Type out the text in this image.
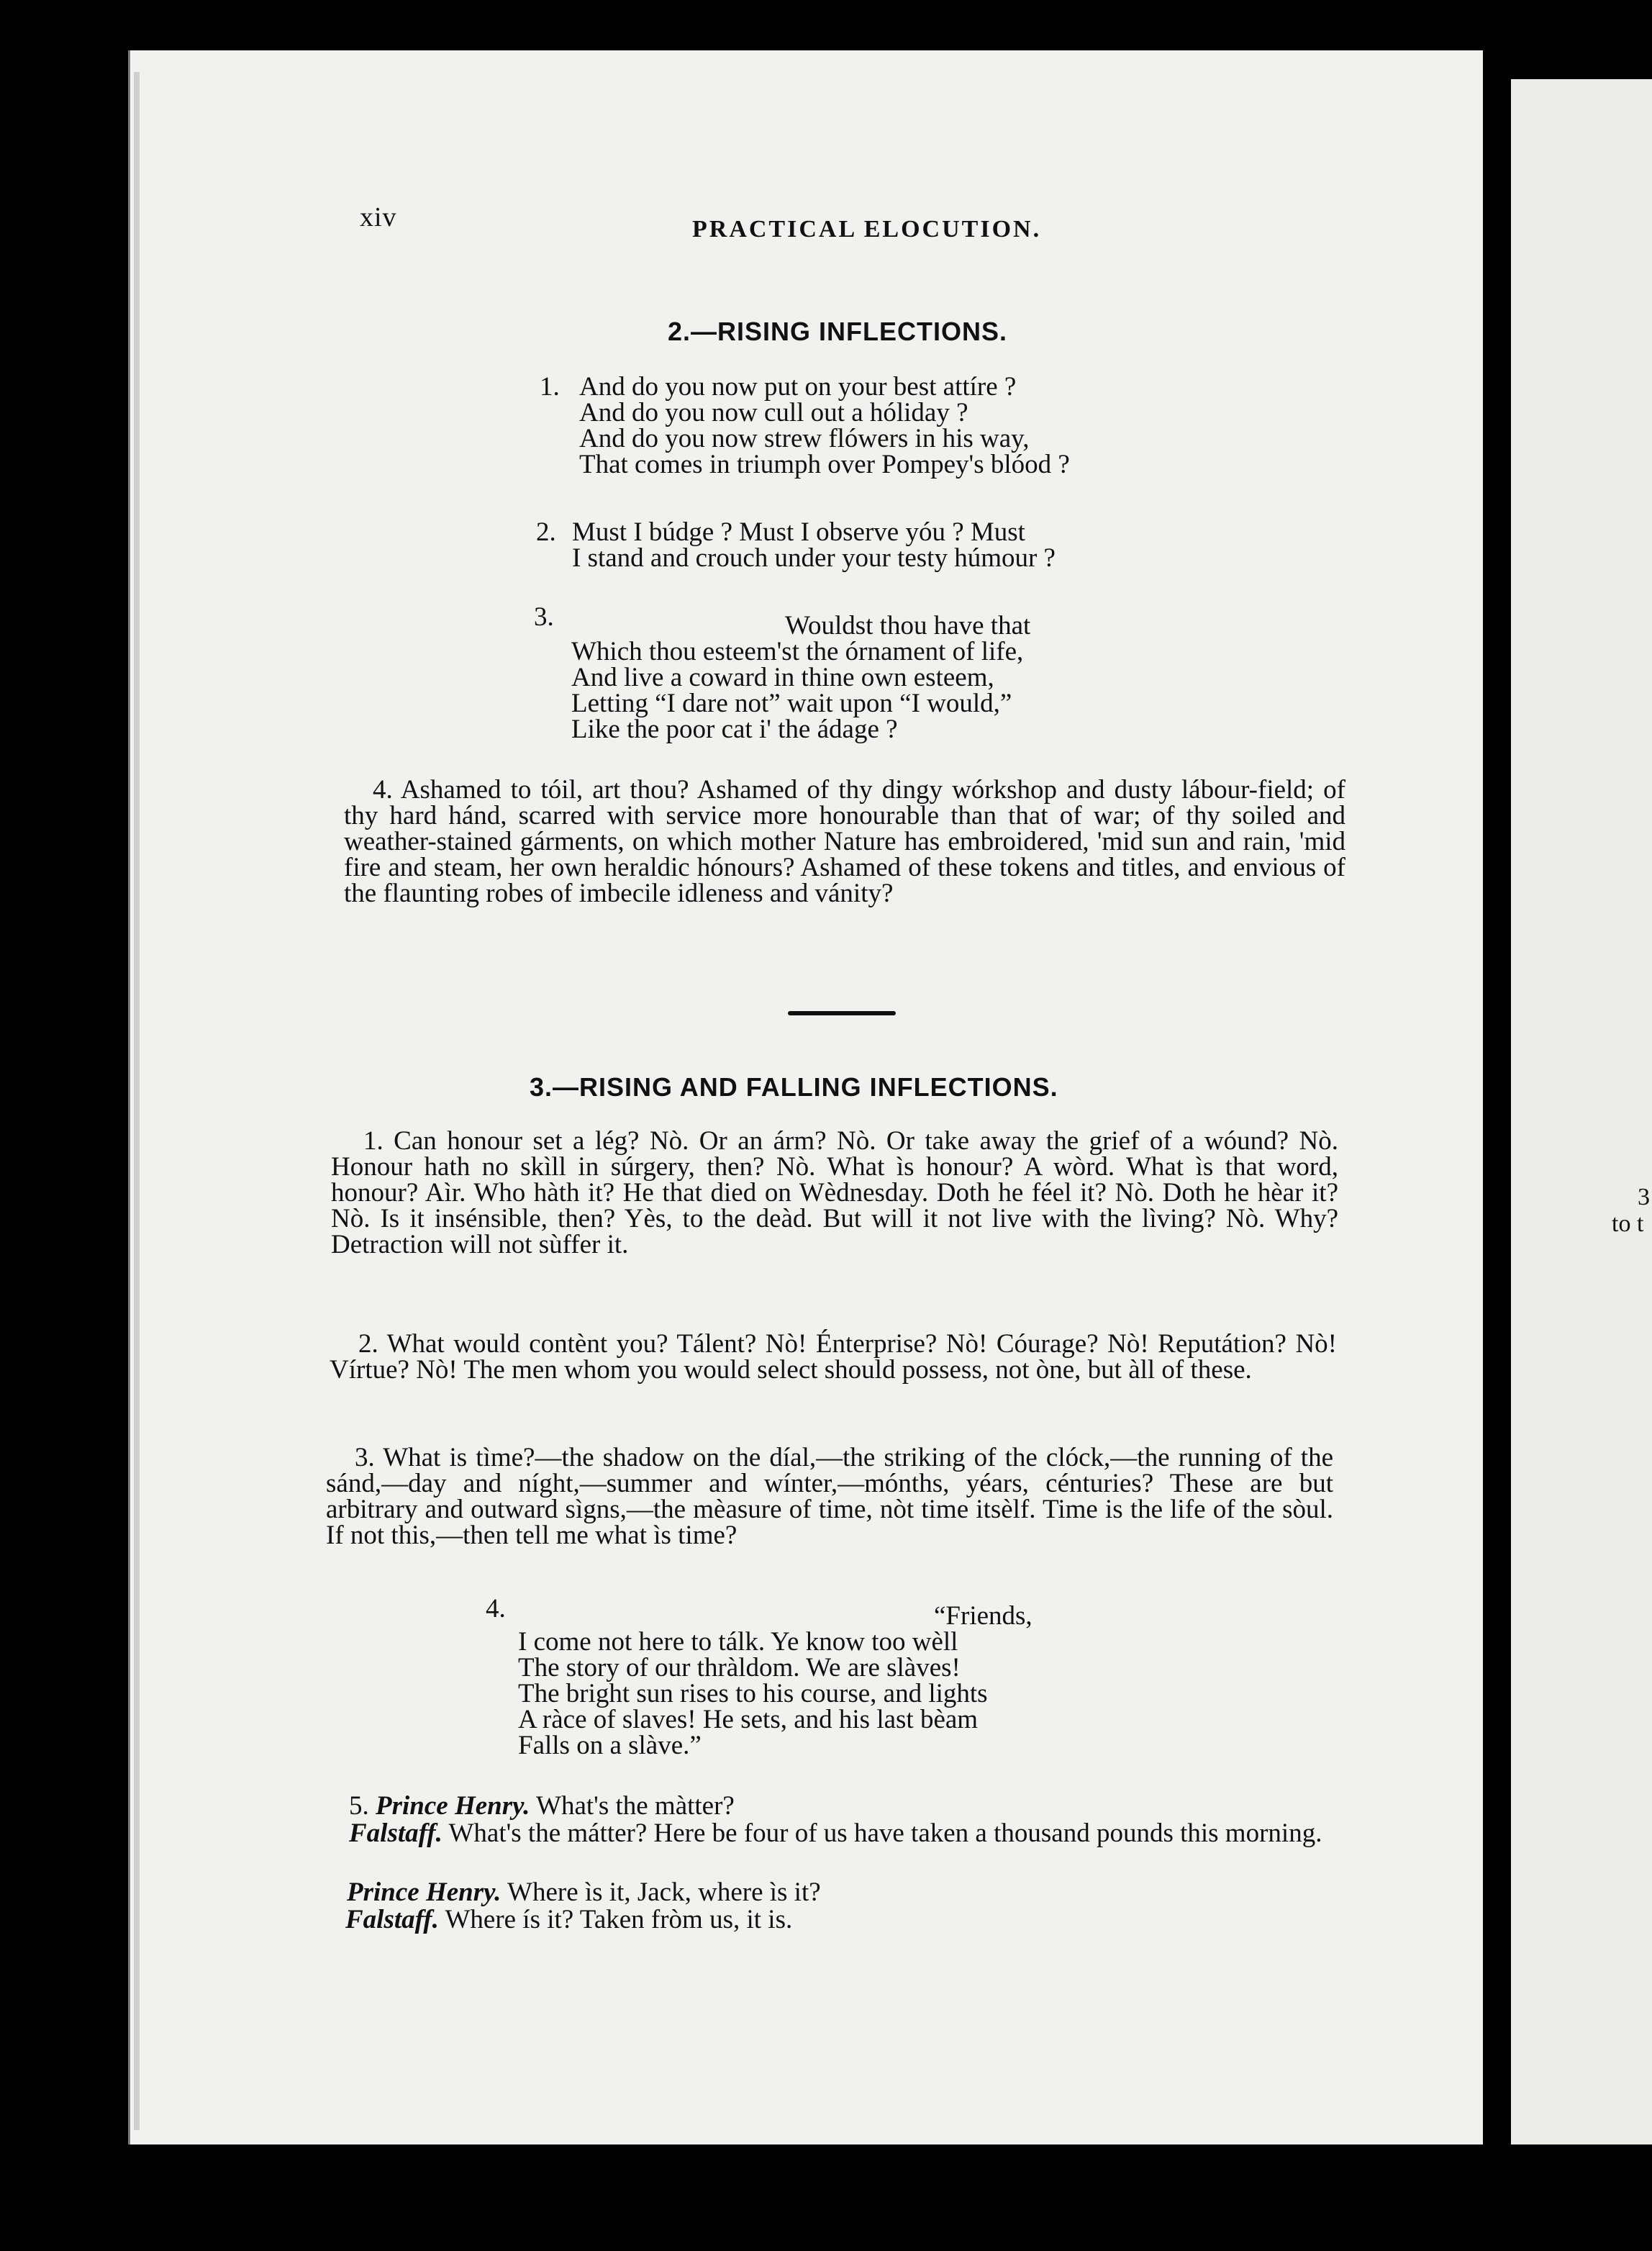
3
to t
xiv	PRACTICAL ELOCUTION.
2.—RISING INFLECTIONS.
1. And do you now put on your best attíre ?
And do you now cull out a hóliday ?
And do you now strew flówers in his way,
That comes in triumph over Pompey's blóod ?
2. Must I búdge ? Must I observe yóu ? Must
I stand and crouch under your testy húmour ?
3.	Wouldst thou have that
Which thou esteem'st the órnament of life,
And live a coward in thine own esteem,
Letting “I dare not” wait upon “I would,”
Like the poor cat i' the ádage ?
4. Ashamed to tóil, art thou? Ashamed of thy dingy wórkshop and dusty lábour-field; of thy hard hánd, scarred with service more honourable than that of war; of thy soiled and weather-stained gárments, on which mother Nature has embroidered, 'mid sun and rain, 'mid fire and steam, her own heraldic hónours? Ashamed of these tokens and titles, and envious of the flaunting robes of imbecile idleness and vánity?
3.—RISING AND FALLING INFLECTIONS.
1. Can honour set a lég? Nò. Or an árm? Nò. Or take away the grief of a wóund? Nò. Honour hath no skìll in súrgery, then? Nò. What ìs honour? A wòrd. What ìs that word, honour? Aìr. Who hàth it? He that died on Wèdnesday. Doth he féel it? Nò. Doth he hèar it? Nò. Is it insénsible, then? Yès, to the deàd. But will it not live with the lìving? Nò. Why? Detraction will not sùffer it.
2. What would contènt you? Tálent? Nò! Énterprise? Nò! Cóurage? Nò! Reputátion? Nò! Vírtue? Nò! The men whom you would select should possess, not òne, but àll of these.
3. What is tìme?—the shadow on the díal,—the striking of the clóck,—the running of the sánd,—day and níght,—summer and wínter,—mónths, yéars, cénturies? These are but arbitrary and outward sìgns,—the mèasure of time, nòt time itsèlf. Time is the life of the sòul. If not this,—then tell me what ìs time?
4.	“Friends,
I come not here to tálk. Ye know too wèll
The story of our thràldom. We are slàves!
The bright sun rises to his course, and lights
A ràce of slaves! He sets, and his last bèam
Falls on a slàve.”
5. Prince Henry. What's the màtter?
Falstaff. What's the mátter? Here be four of us have taken a thousand pounds this morning.
Prince Henry. Where ìs it, Jack, where ìs it?
Falstaff. Where ís it? Taken fròm us, it is.
